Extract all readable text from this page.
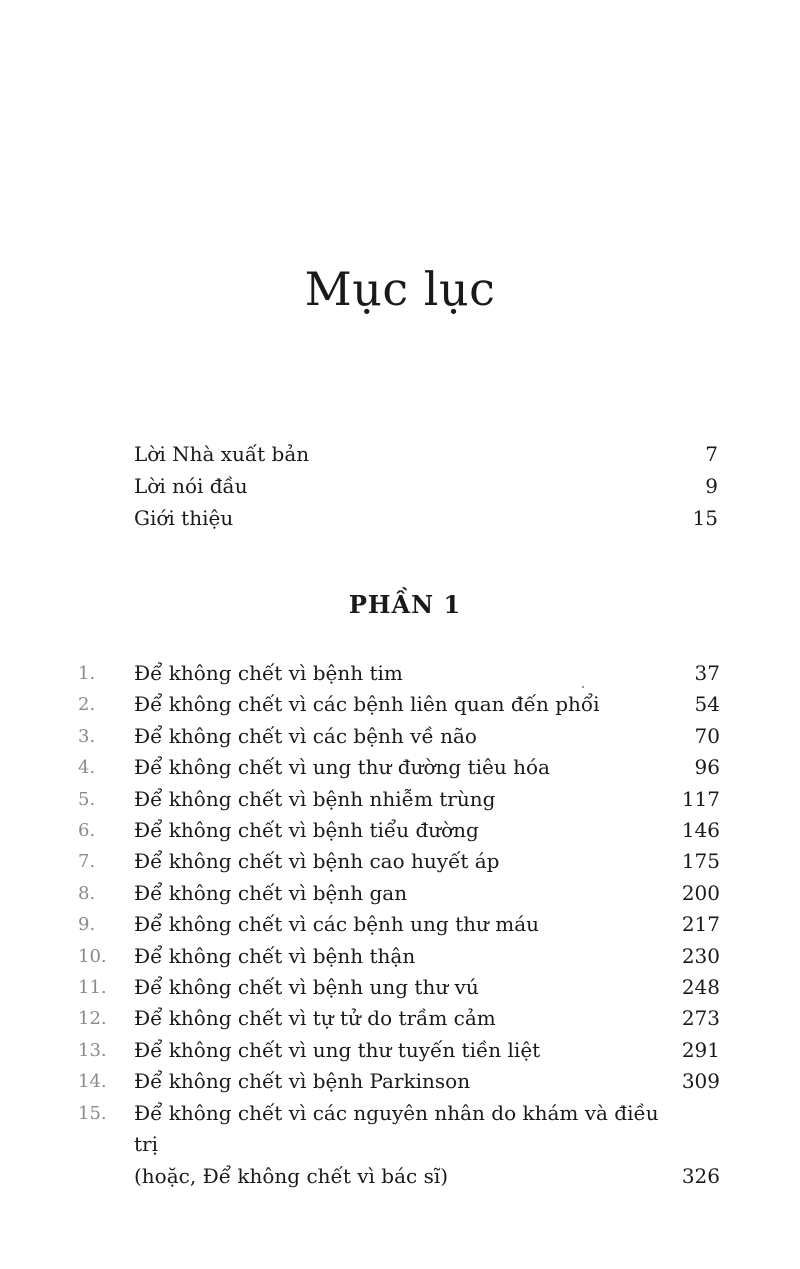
Mục lục
Lời Nhà xuất bản	7
Lời nói đầu	9
Giới thiệu	15
PHẦN 1
1.	Để không chết vì bệnh tim	37
2.	Để không chết vì các bệnh liên quan đến phổi	54
3.	Để không chết vì các bệnh về não	70
4.	Để không chết vì ung thư đường tiêu hóa	96
5.	Để không chết vì bệnh nhiễm trùng	117
6.	Để không chết vì bệnh tiểu đường	146
7.	Để không chết vì bệnh cao huyết áp	175
8.	Để không chết vì bệnh gan	200
9.	Để không chết vì các bệnh ung thư máu	217
10.	Để không chết vì bệnh thận	230
11.	Để không chết vì bệnh ung thư vú	248
12.	Để không chết vì tự tử do trầm cảm	273
13.	Để không chết vì ung thư tuyến tiền liệt	291
14.	Để không chết vì bệnh Parkinson	309
15.	Để không chết vì các nguyên nhân do khám và điều trị
(hoặc, Để không chết vì bác sĩ)	326
